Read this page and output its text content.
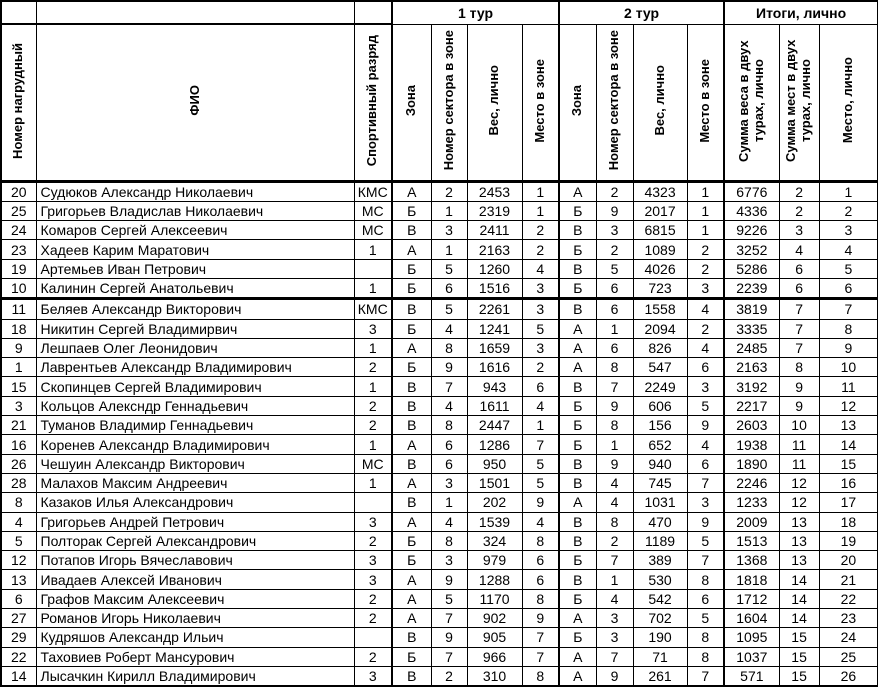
			1 тур				2 тур				Итоги, лично		
Номер нагрудный	ФИО	Спортивный разряд	Зона	Номер сектора в зоне	Вес, лично	Место в зоне	Зона	Номер сектора в зоне	Вес, лично	Место в зоне	Сумма веса в двух турах, лично	Сумма мест в двух турах, лично	Место, лично
20	Судюков Александр Николаевич	КМС	А	2	2453	1	А	2	4323	1	6776	2	1
25	Григорьев Владислав Николаевич	МС	Б	1	2319	1	Б	9	2017	1	4336	2	2
24	Комаров Сергей Алексеевич	МС	В	3	2411	2	В	3	6815	1	9226	3	3
23	Хадеев Карим Маратович	1	А	1	2163	2	Б	2	1089	2	3252	4	4
19	Артемьев Иван Петрович		Б	5	1260	4	В	5	4026	2	5286	6	5
10	Калинин Сергей Анатольевич	1	Б	6	1516	3	Б	6	723	3	2239	6	6
11	Беляев Александр Викторович	КМС	В	5	2261	3	В	6	1558	4	3819	7	7
18	Никитин Сергей Владимирвич	3	Б	4	1241	5	А	1	2094	2	3335	7	8
9	Лешпаев Олег Леонидович	1	А	8	1659	3	А	6	826	4	2485	7	9
1	Лаврентьев Александр Владимирович	2	Б	9	1616	2	А	8	547	6	2163	8	10
15	Скопинцев Сергей Владимирович	1	В	7	943	6	В	7	2249	3	3192	9	11
3	Кольцов Алексндр Геннадьевич	2	В	4	1611	4	Б	9	606	5	2217	9	12
21	Туманов Владимир Геннадьевич	2	В	8	2447	1	Б	8	156	9	2603	10	13
16	Коренев Александр Владимирович	1	А	6	1286	7	Б	1	652	4	1938	11	14
26	Чешуин Александр Викторович	МС	В	6	950	5	В	9	940	6	1890	11	15
28	Малахов Максим Андреевич	1	А	3	1501	5	В	4	745	7	2246	12	16
8	Казаков Илья Александрович		В	1	202	9	А	4	1031	3	1233	12	17
4	Григорьев Андрей Петрович	3	А	4	1539	4	В	8	470	9	2009	13	18
5	Полторак Сергей Александрович	2	Б	8	324	8	В	2	1189	5	1513	13	19
12	Потапов Игорь Вячеславович	3	Б	3	979	6	Б	7	389	7	1368	13	20
13	Ивадаев Алексей Иванович	3	А	9	1288	6	В	1	530	8	1818	14	21
6	Графов Максим Алексеевич	2	А	5	1170	8	Б	4	542	6	1712	14	22
27	Романов Игорь Николаевич	2	А	7	902	9	А	3	702	5	1604	14	23
29	Кудряшов Александр Ильич		В	9	905	7	Б	3	190	8	1095	15	24
22	Таховиев Роберт Мансурович	2	Б	7	966	7	А	7	71	8	1037	15	25
14	Лысачкин Кирилл Владимирович	3	В	2	310	8	А	9	261	7	571	15	26
